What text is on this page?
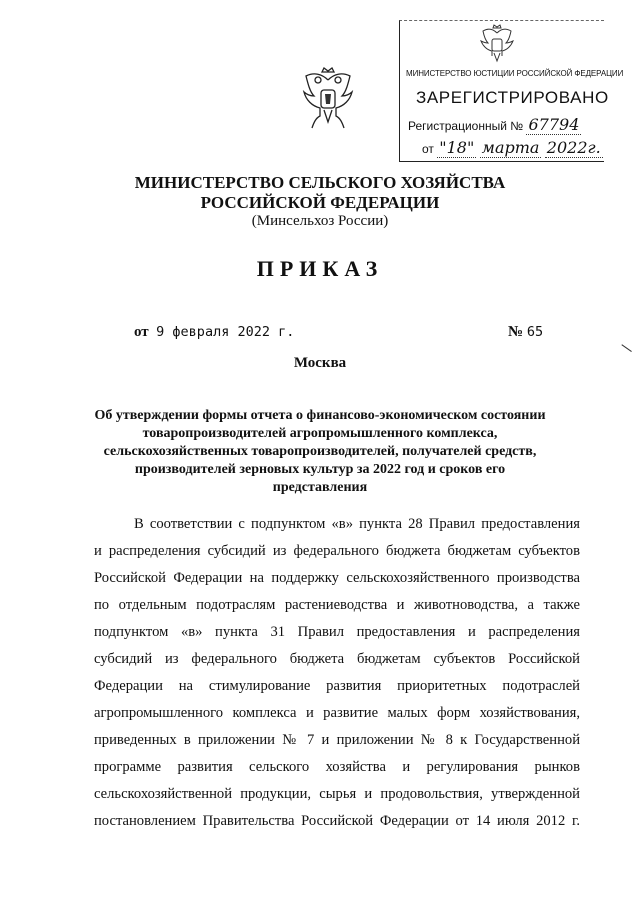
МИНИСТЕРСТВО ЮСТИЦИИ РОССИЙСКОЙ ФЕДЕРАЦИИ
ЗАРЕГИСТРИРОВАНО
Регистрационный № 67794
от "18" марта 2022г.
МИНИСТЕРСТВО СЕЛЬСКОГО ХОЗЯЙСТВА
РОССИЙСКОЙ ФЕДЕРАЦИИ
(Минсельхоз России)
ПРИКАЗ
от 9 февраля 2022 г.	№ 65
Москва
Об утверждении формы отчета о финансово-экономическом состоянии
товаропроизводителей агропромышленного комплекса,
сельскохозяйственных товаропроизводителей, получателей средств,
производителей зерновых культур за 2022 год и сроков его
представления
В соответствии с подпунктом «в» пункта 28 Правил предоставления
и распределения субсидий из федерального бюджета бюджетам субъектов
Российской Федерации на поддержку сельскохозяйственного производства
по отдельным подотраслям растениеводства и животноводства, а также
подпунктом «в» пункта 31 Правил предоставления и распределения
субсидий из федерального бюджета бюджетам субъектов Российской
Федерации на стимулирование развития приоритетных подотраслей
агропромышленного комплекса и развитие малых форм хозяйствования,
приведенных в приложении № 7 и приложении № 8 к Государственной
программе развития сельского хозяйства и регулирования рынков
сельскохозяйственной продукции, сырья и продовольствия, утвержденной
постановлением Правительства Российской Федерации от 14 июля 2012 г.
